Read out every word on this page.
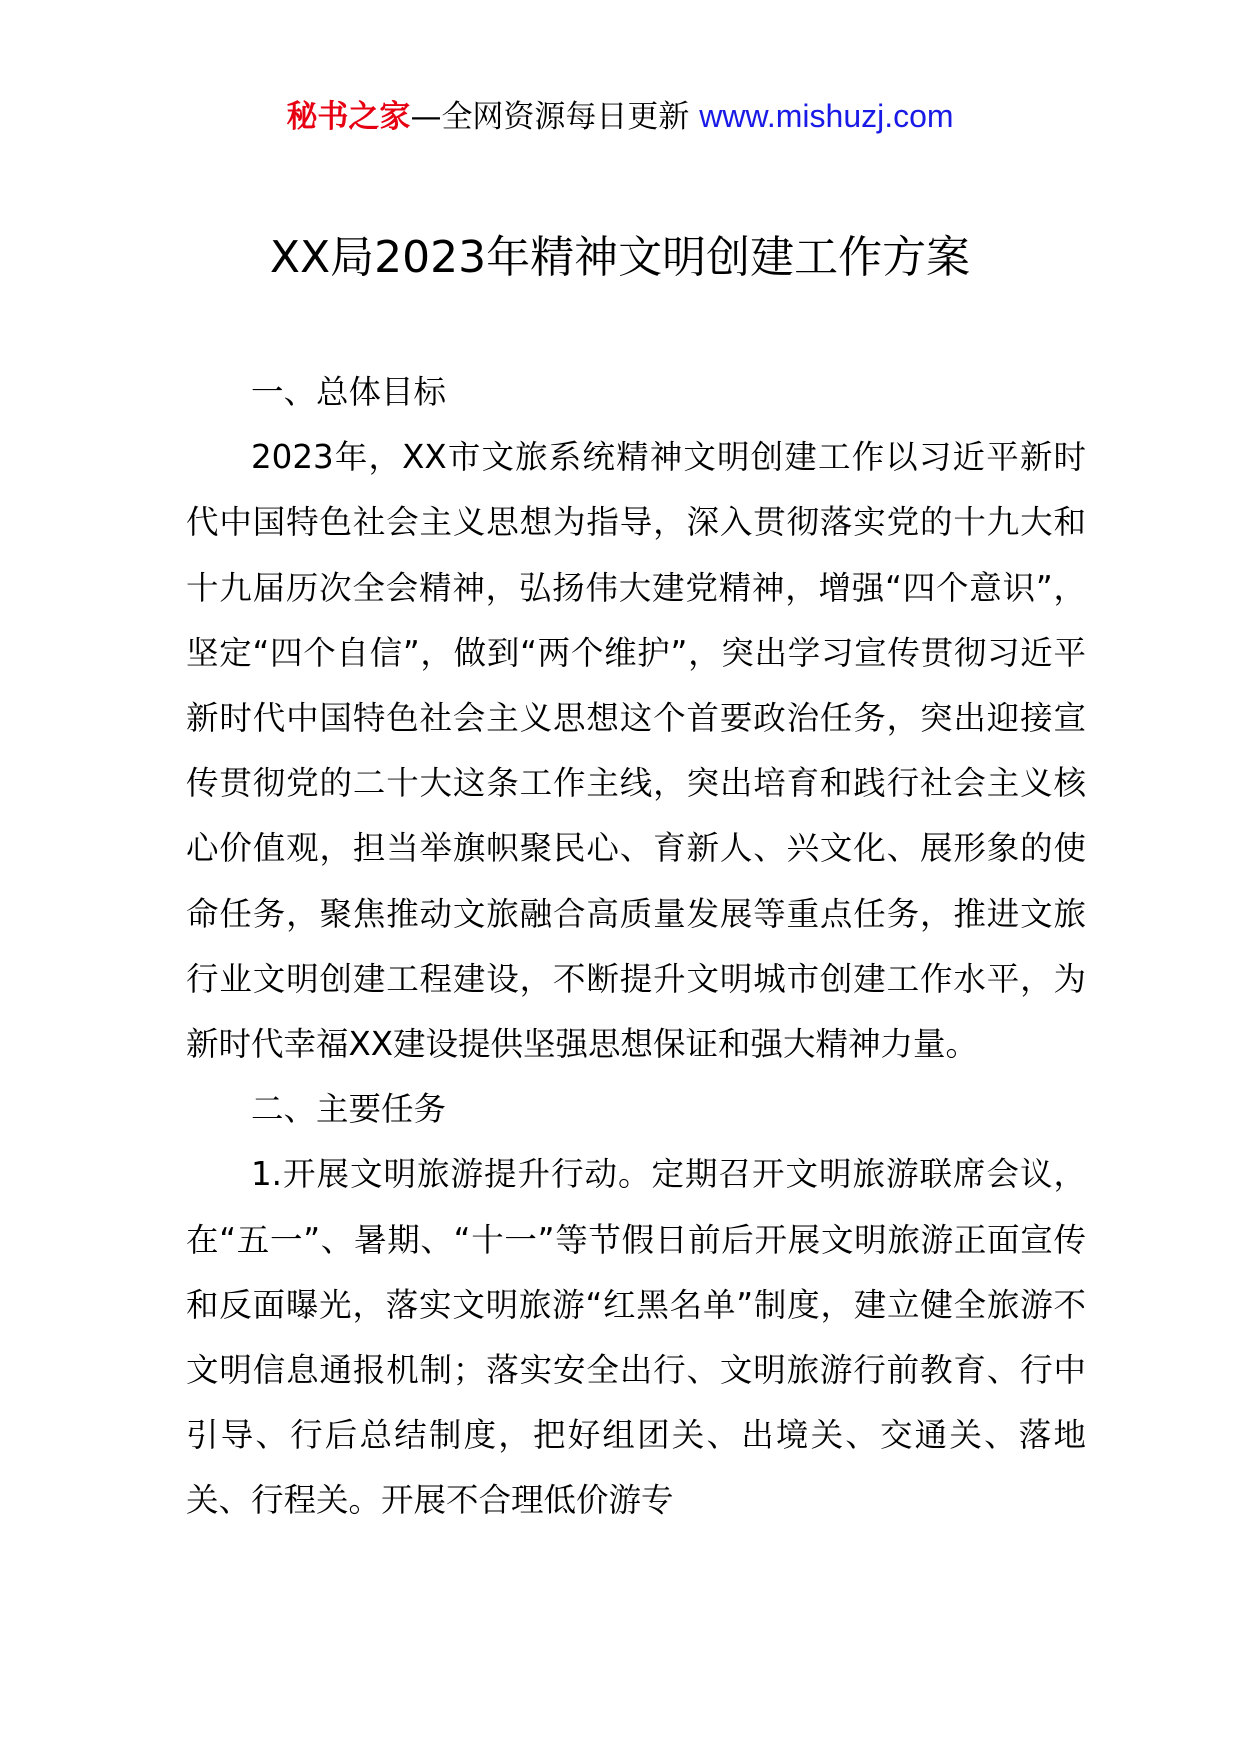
秘书之家—全网资源每日更新 www.mishuzj.com
XX局2023年精神文明创建工作方案
一、总体目标

2023年，XX市文旅系统精神文明创建工作以习近平新时代中国特色社会主义思想为指导，深入贯彻落实党的十九大和十九届历次全会精神，弘扬伟大建党精神，增强“四个意识”，坚定“四个自信”，做到“两个维护”，突出学习宣传贯彻习近平新时代中国特色社会主义思想这个首要政治任务，突出迎接宣传贯彻党的二十大这条工作主线，突出培育和践行社会主义核心价值观，担当举旗帜聚民心、育新人、兴文化、展形象的使命任务，聚焦推动文旅融合高质量发展等重点任务，推进文旅行业文明创建工程建设，不断提升文明城市创建工作水平，为新时代幸福XX建设提供坚强思想保证和强大精神力量。

二、主要任务

1.开展文明旅游提升行动。定期召开文明旅游联席会议，在“五一”、暑期、“十一”等节假日前后开展文明旅游正面宣传和反面曝光，落实文明旅游“红黑名单”制度，建立健全旅游不文明信息通报机制；落实安全出行、文明旅游行前教育、行中引导、行后总结制度，把好组团关、出境关、交通关、落地关、行程关。开展不合理低价游专
